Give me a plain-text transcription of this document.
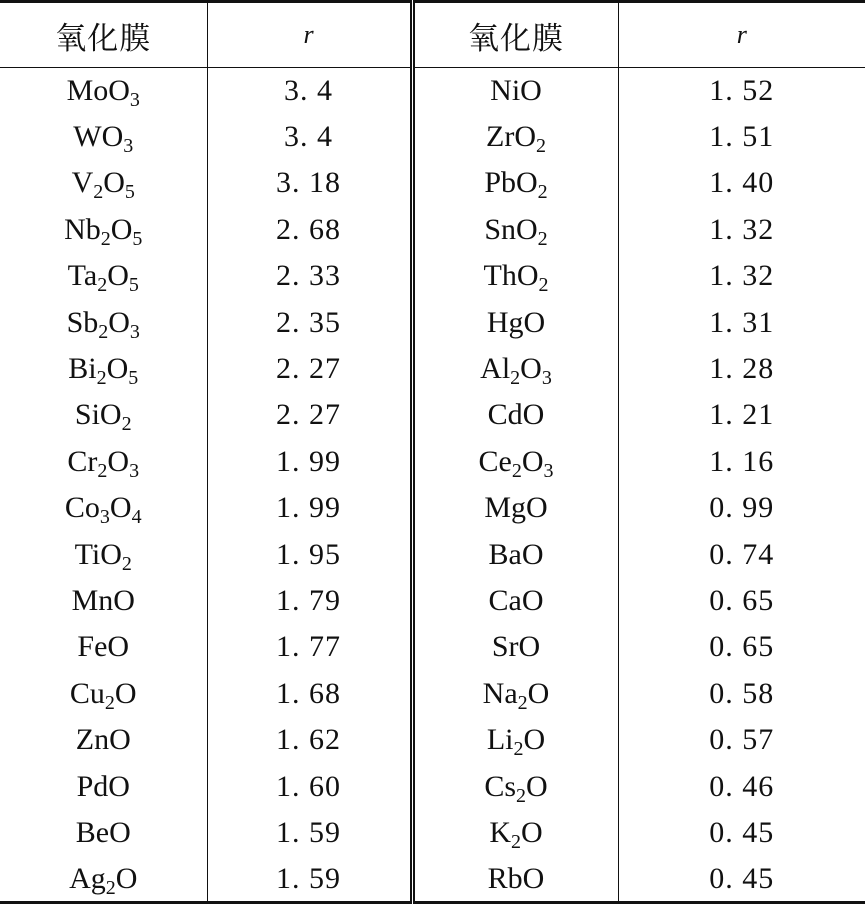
氧化膜	r	氧化膜	r
MoO$_3$	3. 4	NiO	1. 52
$WO_3$	3. 4	ZrO$_2$	1. 51
$V_2O_5$	3. 18	PbO$_2$	1. 40
$Nb_2O_5$	2. 68	SnO$_2$	1. 32
$Ta_2O_5$	2. 33	ThO$_2$	1. 32
$Sb_2O_3$	2. 35	HgO	1. 31
$Bi_2O_5$	2. 27	$Al_2O_3$	1. 28
SiO$_2$	2. 27	CdO	1. 21
$Cr_2O_3$	1. 99	$Ce_2O_3$	1. 16
$Co_3O_4$	1. 99	MgO	0. 99
TiO$_2$	1. 95	BaO	0. 74
MnO	1. 79	CaO	0. 65
FeO	1. 77	SrO	0. 65
$Cu_2O$	1. 68	$Na_2O$	0. 58
ZnO	1. 62	$Li_2O$	0. 57
PdO	1. 60	$Cs_2O$	0. 46
BeO	1. 59	$K_2O$	0. 45
$Ag_2O$	1. 59	RbO	0. 45
